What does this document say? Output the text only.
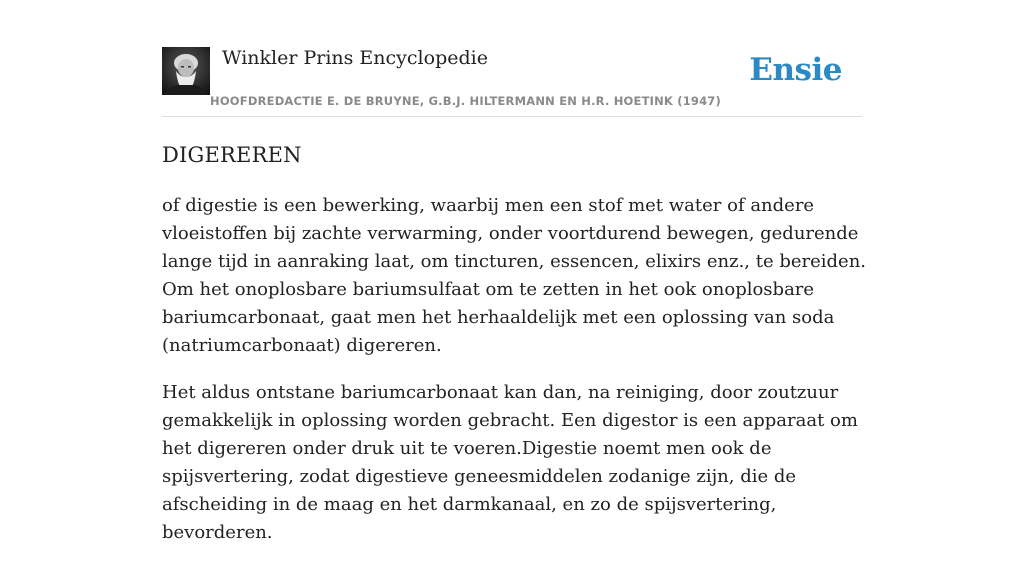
Winkler Prins Encyclopedie
HOOFDREDACTIE E. DE BRUYNE, G.B.J. HILTERMANN EN H.R. HOETINK (1947)
Ensie
DIGEREREN

of digestie is een bewerking, waarbij men een stof met water of andere vloeistoffen bij zachte verwarming, onder voortdurend bewegen, gedurende lange tijd in aanraking laat, om tincturen, essencen, elixirs enz., te bereiden. Om het onoplosbare bariumsulfaat om te zetten in het ook onoplosbare bariumcarbonaat, gaat men het herhaaldelijk met een oplossing van soda (natriumcarbonaat) digereren.

Het aldus ontstane bariumcarbonaat kan dan, na reiniging, door zoutzuur gemakkelijk in oplossing worden gebracht. Een digestor is een apparaat om het digereren onder druk uit te voeren.Digestie noemt men ook de spijsvertering, zodat digestieve geneesmiddelen zodanige zijn, die de afscheiding in de maag en het darmkanaal, en zo de spijsvertering, bevorderen.
